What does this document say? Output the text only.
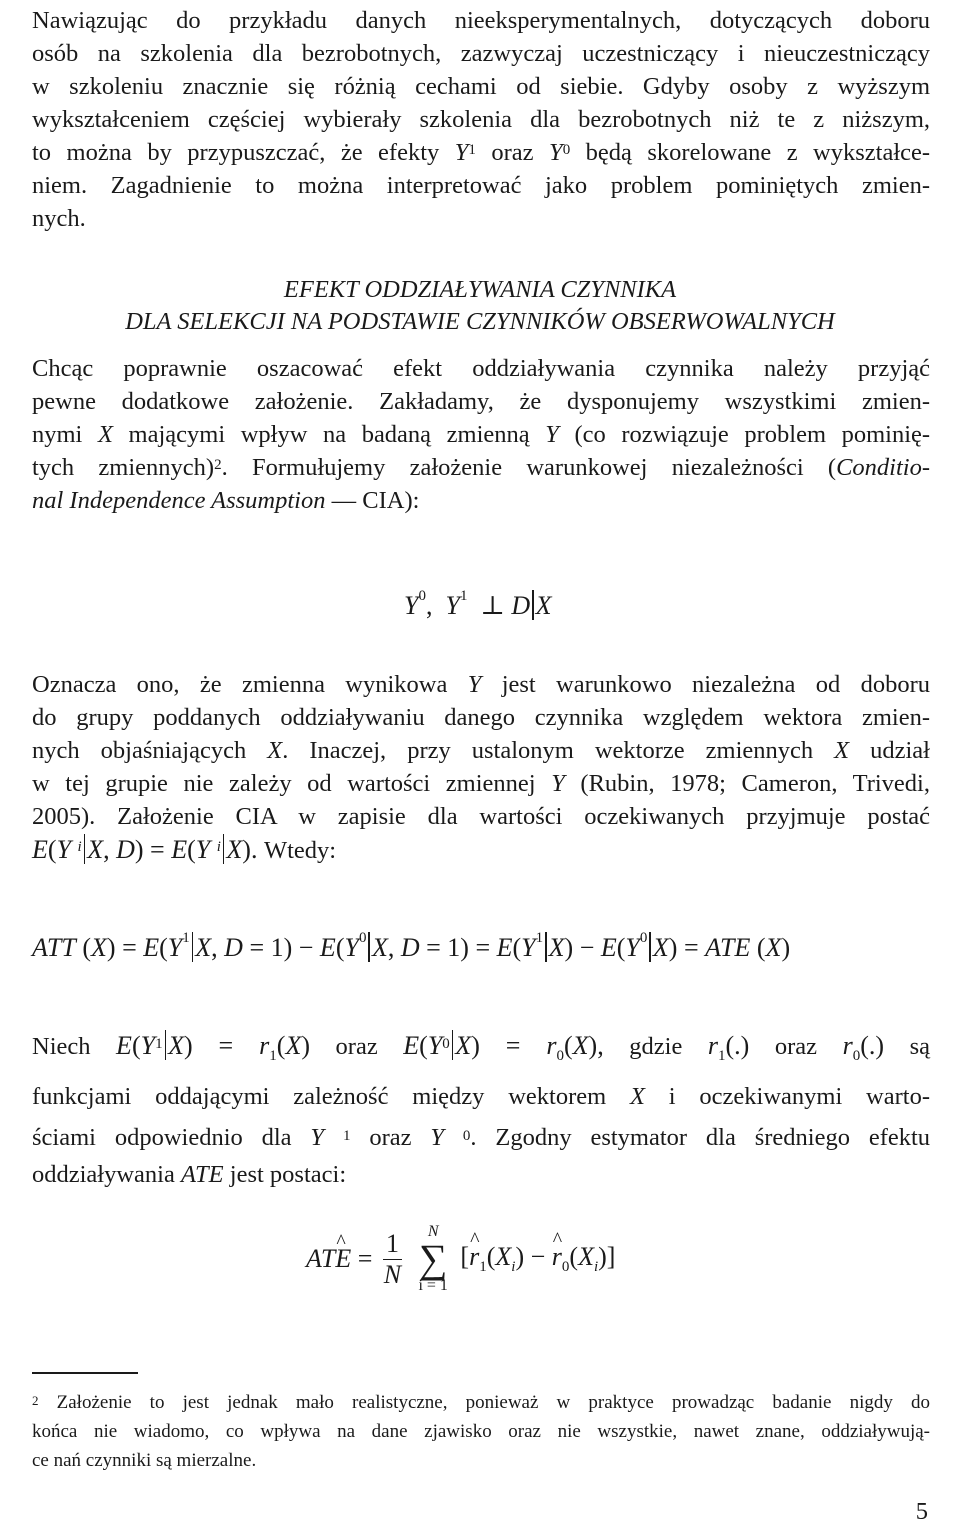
Nawiązując do przykładu danych nieeksperymentalnych, dotyczących doboru
osób na szkolenia dla bezrobotnych, zazwyczaj uczestniczący i nieuczestniczący
w szkoleniu znacznie się różnią cechami od siebie. Gdyby osoby z wyższym
wykształceniem częściej wybierały szkolenia dla bezrobotnych niż te z niższym,
to można by przypuszczać, że efekty $Y^1$ oraz $Y^0$ będą skorelowane z wykształce-
niem. Zagadnienie to można interpretować jako problem pominiętych zmien-
nych.
EFEKT ODDZIAŁYWANIA CZYNNIKA
DLA SELEKCJI NA PODSTAWIE CZYNNIKÓW OBSERWOWALNYCH
Chcąc poprawnie oszacować efekt oddziaływania czynnika należy przyjąć
pewne dodatkowe założenie. Zakładamy, że dysponujemy wszystkimi zmien-
nymi X mającymi wpływ na badaną zmienną Y (co rozwiązuje problem pominię-
tych zmiennych)$^2$. Formułujemy założenie warunkowej niezależności (Conditio-
nal Independence Assumption — CIA):
$Y^0$,  $Y^1$ ⊥ D X
Oznacza ono, że zmienna wynikowa Y jest warunkowo niezależna od doboru
do grupy poddanych oddziaływaniu danego czynnika względem wektora zmien-
nych objaśniających X. Inaczej, przy ustalonym wektorze zmiennych X udział
w tej grupie nie zależy od wartości zmiennej Y (Rubin, 1978; Cameron, Trivedi,
2005). Założenie CIA w zapisie dla wartości oczekiwanych przyjmuje postać
E(Y $^i$ X, D) = E(Y $^i$ X). Wtedy:
ATT $(X) = E(Y^1$ X, $D = 1) - E(Y^0$ X, $D = 1) = E(Y^1$ $X) - E(Y^0$ X) = ATE (X)
Niech $E(Y^1$ $X) = r_1(X)$ oraz $E(Y^0$ $X) = r_0(X)$, gdzie $r_1(.)$ oraz $r_0(.)$ są
funkcjami oddającymi zależność między wektorem X i oczekiwanymi warto-
ściami odpowiednio dla Y $^1$ oraz Y $^0$. Zgodny estymator dla średniego efektu
oddziaływania ATE jest postaci:
AT^ $E = \frac{1}{N}$
	N
∑
i = 1
[^ $r_1(X_i)$ − ^ $r_0(X_i)$]
$^2$ Założenie to jest jednak mało realistyczne, ponieważ w praktyce prowadząc badanie nigdy do
końca nie wiadomo, co wpływa na dane zjawisko oraz nie wszystkie, nawet znane, oddziaływują-
ce nań czynniki są mierzalne.
5
